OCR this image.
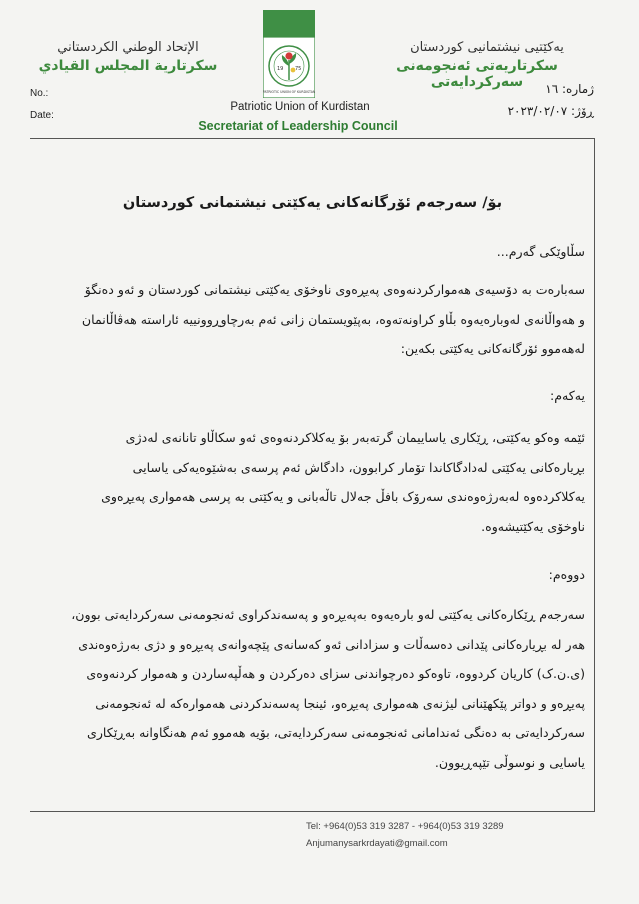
الإتحاد الوطني الكردستاني
سكرتارية المجلس القيادي
یەکێتیی نیشتمانیی کوردستان
سکرتاریەتی ئەنجومەنی سەرکردایەتی
No.:
Date:
ژمارە: ١٦
ڕۆژ: ٢٠٢٣/٠٢/٠٧
19 75
PATRIOTIC UNION OF KURDISTAN
Patriotic Union of Kurdistan
Secretariat of Leadership Council
بۆ/ سەرجەم ئۆرگانەکانی یەکێتی نیشتمانی کوردستان
سڵاوێکی گەرم...
سەبارەت بە دۆسیەی هەموارکردنەوەی پەیڕەوی ناوخۆی یەکێتی نیشتمانی کوردستان و ئەو دەنگۆ
و هەواڵانەی لەوبارەیەوە بڵاو کراونەتەوە، بەپێویستمان زانی ئەم بەرچاوڕوونییە ئاراستە هەڤاڵانمان
لەهەموو ئۆرگانەکانی یەکێتی بکەین:
یەکەم:
ئێمە وەکو یەکێتی، ڕێکاری یاساییمان گرتەبەر بۆ یەکلاکردنەوەی ئەو سکاڵاو تانانەی لەدژی
بڕیارەکانی یەکێتی لەدادگاکاندا تۆمار کرابوون، دادگاش ئەم پرسەی بەشێوەیەکی یاسایی
یەکلاکردەوە لەبەرژەوەندی سەرۆک بافڵ جەلال تاڵەبانی و یەکێتی بە پرسی هەمواری پەیڕەوی
ناوخۆی یەکێتیشەوە.
دووەم:
سەرجەم ڕێکارەکانی یەکێتی لەو بارەیەوە بەپەیڕەو و پەسەندکراوی ئەنجومەنی سەرکردایەتی بوون،
هەر لە بڕیارەکانی پێدانی دەسەڵات و سزادانی ئەو کەسانەی پێچەوانەی پەیڕەو و دژی بەرژەوەندی
(ی.ن.ک) کاریان کردووە، تاوەکو دەرچواندنی سزای دەرکردن و هەڵپەساردن و هەموار کردنەوەی
پەیڕەو و دواتر پێکهێنانی لیژنەی هەمواری پەیڕەو، ئینجا پەسەندکردنی هەموارەکە لە ئەنجومەنی
سەرکردایەتی بە دەنگی ئەندامانی ئەنجومەنی سەرکردایەتی، بۆیە هەموو ئەم هەنگاوانە بەڕێکاری
یاسایی و نوسوڵی تێپەڕیوون.
Tel: +964(0)53 319 3287 - +964(0)53 319 3289
Anjumanysarkrdayati@gmail.com
